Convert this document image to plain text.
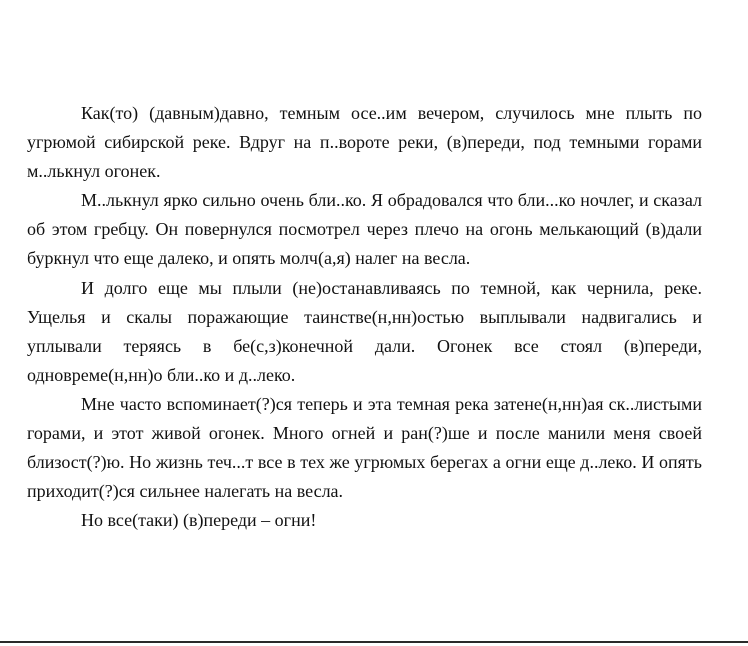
Как(то) (давным)давно, темным осе..им вечером, случилось мне плыть по угрюмой сибирской реке. Вдруг на п..вороте реки, (в)переди, под темными горами м..лькнул огонек.

М..лькнул ярко сильно очень бли..ко. Я обрадовался что бли...ко ночлег, и сказал об этом гребцу. Он повернулся посмотрел через плечо на огонь мелькающий (в)дали буркнул что еще далеко, и опять молч(а,я) налег на весла.

И долго еще мы плыли (не)останавливаясь по темной, как чернила, реке. Ущелья и скалы поражающие таинстве(н,нн)остью выплывали надвигались и уплывали теряясь в бе(с,з)конечной дали. Огонек все стоял (в)переди, одновреме(н,нн)о бли..ко и д..леко.

Мне часто вспоминает(?)ся теперь и эта темная река затене(н,нн)ая ск..листыми горами, и этот живой огонек. Много огней и ран(?)ше и после манили меня своей близост(?)ю. Но жизнь теч...т все в тех же угрюмых берегах а огни еще д..леко. И опять приходит(?)ся сильнее налегать на весла.

Но все(таки) (в)переди – огни!
